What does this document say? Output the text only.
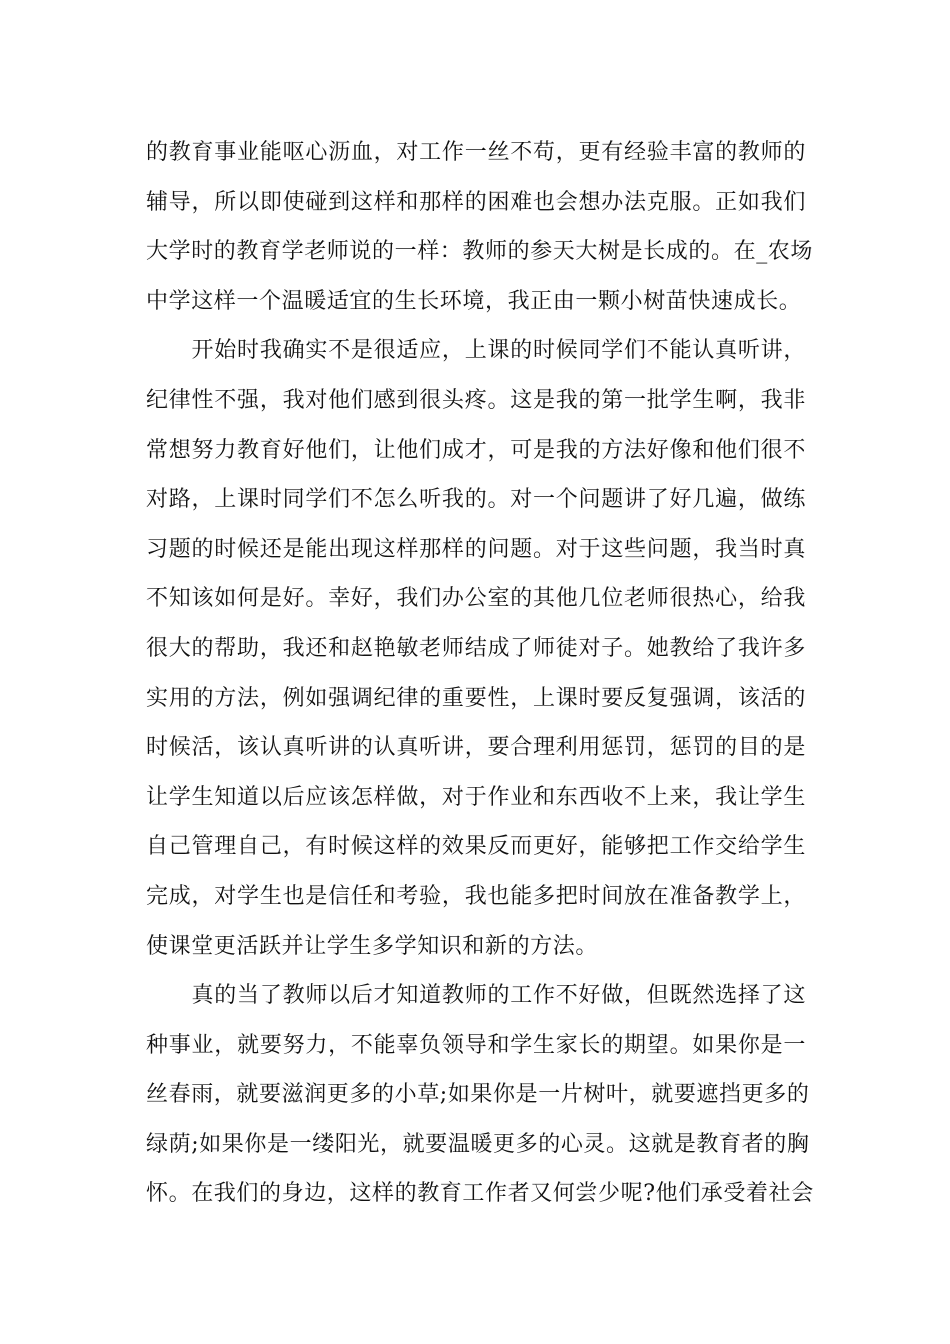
的教育事业能呕心沥血，对工作一丝不苟，更有经验丰富的教师的
辅导，所以即使碰到这样和那样的困难也会想办法克服。正如我们
大学时的教育学老师说的一样：教师的参天大树是长成的。在_农场
中学这样一个温暖适宜的生长环境，我正由一颗小树苗快速成长。
　　开始时我确实不是很适应，上课的时候同学们不能认真听讲，
纪律性不强，我对他们感到很头疼。这是我的第一批学生啊，我非
常想努力教育好他们，让他们成才，可是我的方法好像和他们很不
对路，上课时同学们不怎么听我的。对一个问题讲了好几遍，做练
习题的时候还是能出现这样那样的问题。对于这些问题，我当时真
不知该如何是好。幸好，我们办公室的其他几位老师很热心，给我
很大的帮助，我还和赵艳敏老师结成了师徒对子。她教给了我许多
实用的方法，例如强调纪律的重要性，上课时要反复强调，该活的
时候活，该认真听讲的认真听讲，要合理利用惩罚，惩罚的目的是
让学生知道以后应该怎样做，对于作业和东西收不上来，我让学生
自己管理自己，有时候这样的效果反而更好，能够把工作交给学生
完成，对学生也是信任和考验，我也能多把时间放在准备教学上，
使课堂更活跃并让学生多学知识和新的方法。
　　真的当了教师以后才知道教师的工作不好做，但既然选择了这
种事业，就要努力，不能辜负领导和学生家长的期望。如果你是一
丝春雨，就要滋润更多的小草;如果你是一片树叶，就要遮挡更多的
绿荫;如果你是一缕阳光，就要温暖更多的心灵。这就是教育者的胸
怀。在我们的身边，这样的教育工作者又何尝少呢?他们承受着社会
